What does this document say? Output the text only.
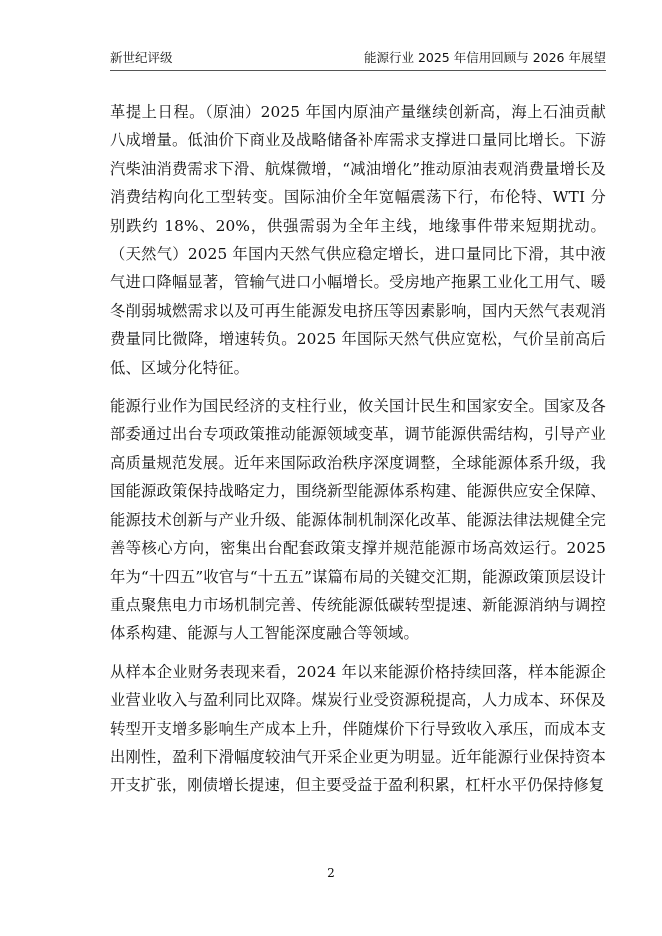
新世纪评级	能源行业 2025 年信用回顾与 2026 年展望

革提上日程。（原油）2025 年国内原油产量继续创新高，海上石油贡献八成增量。低油价下商业及战略储备补库需求支撑进口量同比增长。下游汽柴油消费需求下滑、航煤微增，“减油增化”推动原油表观消费量增长及消费结构向化工型转变。国际油价全年宽幅震荡下行，布伦特、WTI 分别跌约 18%、20%，供强需弱为全年主线，地缘事件带来短期扰动。（天然气）2025 年国内天然气供应稳定增长，进口量同比下滑，其中液气进口降幅显著，管输气进口小幅增长。受房地产拖累工业化工用气、暖冬削弱城燃需求以及可再生能源发电挤压等因素影响，国内天然气表观消费量同比微降，增速转负。2025 年国际天然气供应宽松，气价呈前高后低、区域分化特征。

能源行业作为国民经济的支柱行业，攸关国计民生和国家安全。国家及各部委通过出台专项政策推动能源领域变革，调节能源供需结构，引导产业高质量规范发展。近年来国际政治秩序深度调整，全球能源体系升级，我国能源政策保持战略定力，围绕新型能源体系构建、能源供应安全保障、能源技术创新与产业升级、能源体制机制深化改革、能源法律法规健全完善等核心方向，密集出台配套政策支撑并规范能源市场高效运行。2025 年为“十四五”收官与“十五五”谋篇布局的关键交汇期，能源政策顶层设计重点聚焦电力市场机制完善、传统能源低碳转型提速、新能源消纳与调控体系构建、能源与人工智能深度融合等领域。

从样本企业财务表现来看，2024 年以来能源价格持续回落，样本能源企业营业收入与盈利同比双降。煤炭行业受资源税提高，人力成本、环保及转型开支增多影响生产成本上升，伴随煤价下行导致收入承压，而成本支出刚性，盈利下滑幅度较油气开采企业更为明显。近年能源行业保持资本开支扩张，刚债增长提速，但主要受益于盈利积累，杠杆水平仍保持修复

2
